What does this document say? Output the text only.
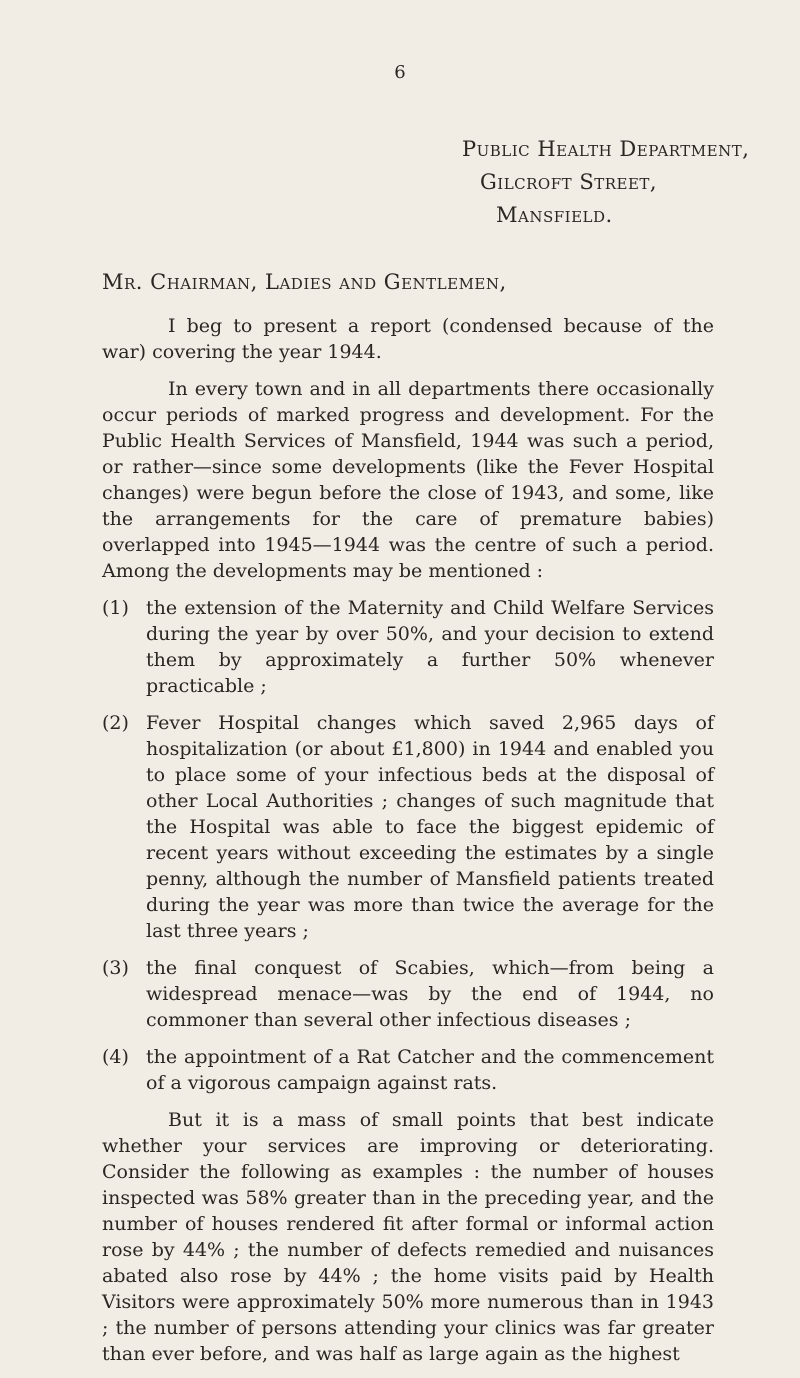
6
Public Health Department,
Gilcroft Street,
Mansfield.
Mr. Chairman, Ladies and Gentlemen,

I beg to present a report (condensed because of the war) covering the year 1944.

In every town and in all departments there occasionally occur periods of marked progress and development. For the Public Health Services of Mansfield, 1944 was such a period, or rather—since some developments (like the Fever Hospital changes) were begun before the close of 1943, and some, like the arrangements for the care of premature babies) overlapped into 1945—1944 was the centre of such a period. Among the developments may be mentioned :

(1) the extension of the Maternity and Child Welfare Services during the year by over 50%, and your decision to extend them by approximately a further 50% whenever practicable ;
(2) Fever Hospital changes which saved 2,965 days of hospitalization (or about £1,800) in 1944 and enabled you to place some of your infectious beds at the disposal of other Local Authorities ; changes of such magnitude that the Hospital was able to face the biggest epidemic of recent years without exceeding the estimates by a single penny, although the number of Mansfield patients treated during the year was more than twice the average for the last three years ;
(3) the final conquest of Scabies, which—from being a widespread menace—was by the end of 1944, no commoner than several other infectious diseases ;
(4) the appointment of a Rat Catcher and the commencement of a vigorous campaign against rats.

But it is a mass of small points that best indicate whether your services are improving or deteriorating. Consider the following as examples : the number of houses inspected was 58% greater than in the preceding year, and the number of houses rendered fit after formal or informal action rose by 44% ; the number of defects remedied and nuisances abated also rose by 44% ; the home visits paid by Health Visitors were approximately 50% more numerous than in 1943 ; the number of persons attending your clinics was far greater than ever before, and was half as large again as the highest
